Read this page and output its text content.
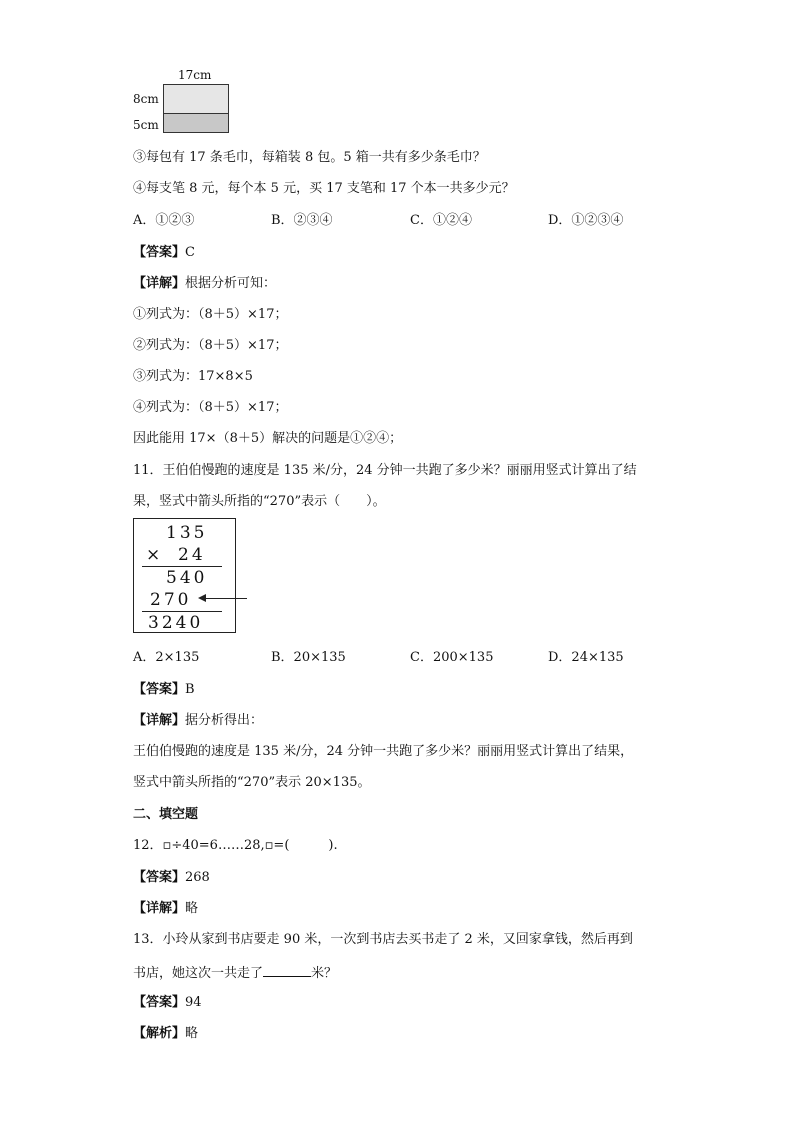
17cm
8cm
5cm
③每包有 17 条毛巾，每箱装 8 包。5 箱一共有多少条毛巾？
④每支笔 8 元，每个本 5 元，买 17 支笔和 17 个本一共多少元？
A．①②③	B．②③④	C．①②④	D．①②③④
【答案】C
【详解】根据分析可知：
①列式为：（8＋5）×17；
②列式为：（8＋5）×17；
③列式为：17×8×5
④列式为：（8＋5）×17；
因此能用 17×（8＋5）解决的问题是①②④；
11．王伯伯慢跑的速度是 135 米/分，24 分钟一共跑了多少米？丽丽用竖式计算出了结
果，竖式中箭头所指的“270”表示（　　）。
135
× 24
540
270
3240
A．2×135	B．20×135	C．200×135	D．24×135
【答案】B
【详解】据分析得出：
王伯伯慢跑的速度是 135 米/分，24 分钟一共跑了多少米？丽丽用竖式计算出了结果，
竖式中箭头所指的“270”表示 20×135。
二、填空题
12．▫÷40=6……28,▫=(　　　).
【答案】268
【详解】略
13．小玲从家到书店要走 90 米，一次到书店去买书走了 2 米，又回家拿钱，然后再到
书店，她这次一共走了	米？
【答案】94
【解析】略
